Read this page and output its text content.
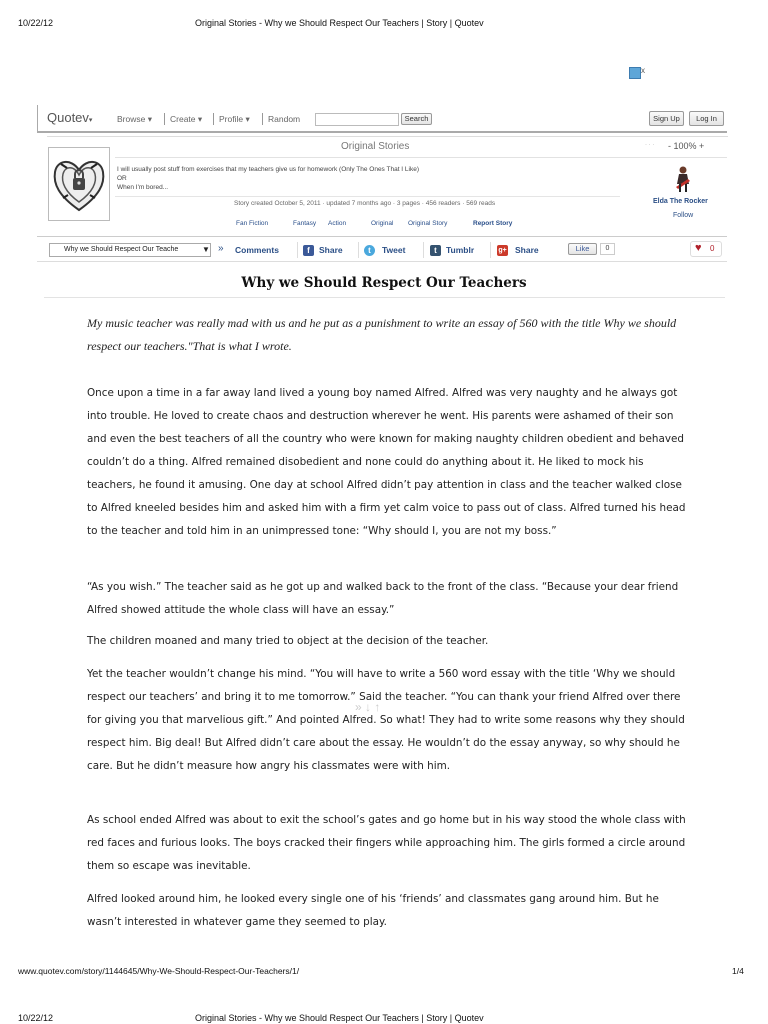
10/22/12	Original Stories - Why we Should Respect Our Teachers | Story | Quotev
x
Quotev▾	Browse ▾ Create ▾ Profile ▾ Random	Search	Sign Up	Log In
Original Stories	· · · - 100% +
I will usually post stuff from exercises that my teachers give us for homework (Only The Ones That I Like)
OR
When I'm bored...
Story created October 5, 2011 · updated 7 months ago · 3 pages · 456 readers · 569 reads
Fan Fiction	Fantasy Action	Original Original Story	Report Story
Elda The Rocker
Follow
Why we Should Respect Our Teache	▼ » Comments	f	Share	t	Tweet	t	Tumblr	g+ Share	Like	0	♥ 0
Why we Should Respect Our Teachers
My music teacher was really mad with us and he put as a punishment to write an essay of 560 with the title Why we should respect our teachers."That is what I wrote.

Once upon a time in a far away land lived a young boy named Alfred. Alfred was very naughty and he always got into trouble. He loved to create chaos and destruction wherever he went. His parents were ashamed of their son and even the best teachers of all the country who were known for making naughty children obedient and behaved couldn’t do a thing. Alfred remained disobedient and none could do anything about it. He liked to mock his teachers, he found it amusing. One day at school Alfred didn’t pay attention in class and the teacher walked close to Alfred kneeled besides him and asked him with a firm yet calm voice to pass out of class. Alfred turned his head to the teacher and told him in an unimpressed tone: “Why should I, you are not my boss.”

“As you wish.” The teacher said as he got up and walked back to the front of the class. “Because your dear friend Alfred showed attitude the whole class will have an essay.”

The children moaned and many tried to object at the decision of the teacher.

Yet the teacher wouldn’t change his mind. “You will have to write a 560 word essay with the title ‘Why we should respect our teachers’ and bring it to me tomorrow.” Said the teacher. “You can thank your friend Alfred over there for giving you that marvelious gift.” And pointed Alfred. So what! They had to write some reasons why they should respect him. Big deal! But Alfred didn’t care about the essay. He wouldn’t do the essay anyway, so why should he care. But he didn’t measure how angry his classmates were with him.

As school ended Alfred was about to exit the school’s gates and go home but in his way stood the whole class with red faces and furious looks. The boys cracked their fingers while approaching him. The girls formed a circle around them so escape was inevitable.

Alfred looked around him, he looked every single one of his ‘friends’ and classmates gang around him. But he wasn’t interested in whatever game they seemed to play.

» ↓ ↑
www.quotev.com/story/1144645/Why-We-Should-Respect-Our-Teachers/1/	1/4
10/22/12	Original Stories - Why we Should Respect Our Teachers | Story | Quotev
